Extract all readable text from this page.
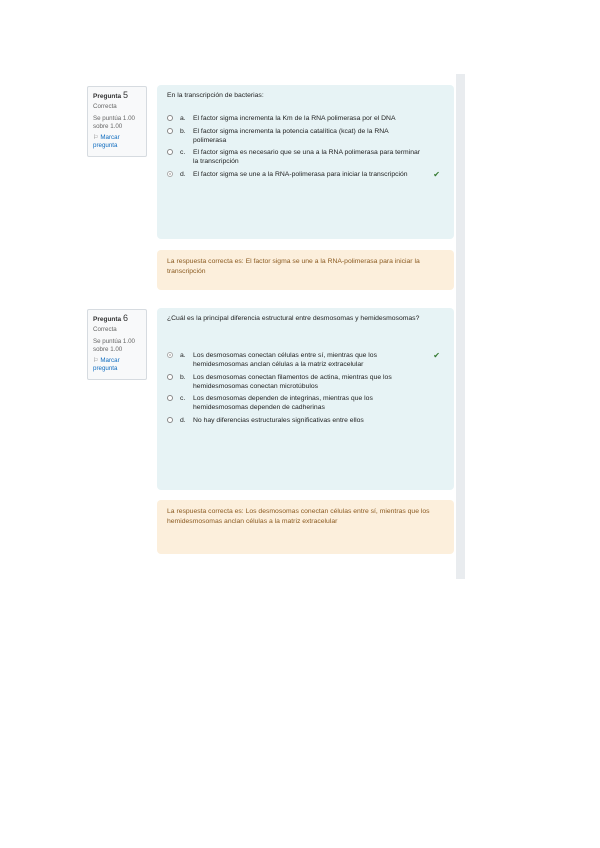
Pregunta 5
Correcta
Se puntúa 1.00 sobre 1.00
⚐ Marcar pregunta
En la transcripción de bacterias:
a.	El factor sigma incrementa la Km de la RNA polimerasa por el DNA
b.	El factor sigma incrementa la potencia catalítica (kcat) de la RNA polimerasa
c.	El factor sigma es necesario que se una a la RNA polimerasa para terminar la transcripción
d.	El factor sigma se une a la RNA-polimerasa para iniciar la transcripción	✔
La respuesta correcta es: El factor sigma se une a la RNA-polimerasa para iniciar la transcripción
Pregunta 6
Correcta
Se puntúa 1.00 sobre 1.00
⚐ Marcar pregunta
¿Cuál es la principal diferencia estructural entre desmosomas y hemidesmosomas?
a.	Los desmosomas conectan células entre sí, mientras que los hemidesmosomas anclan células a la matriz extracelular
✔
b.	Los desmosomas conectan filamentos de actina, mientras que los hemidesmosomas conectan microtúbulos
c.	Los desmosomas dependen de integrinas, mientras que los hemidesmosomas dependen de cadherinas
d.	No hay diferencias estructurales significativas entre ellos
La respuesta correcta es: Los desmosomas conectan células entre sí, mientras que los hemidesmosomas anclan células a la matriz extracelular
